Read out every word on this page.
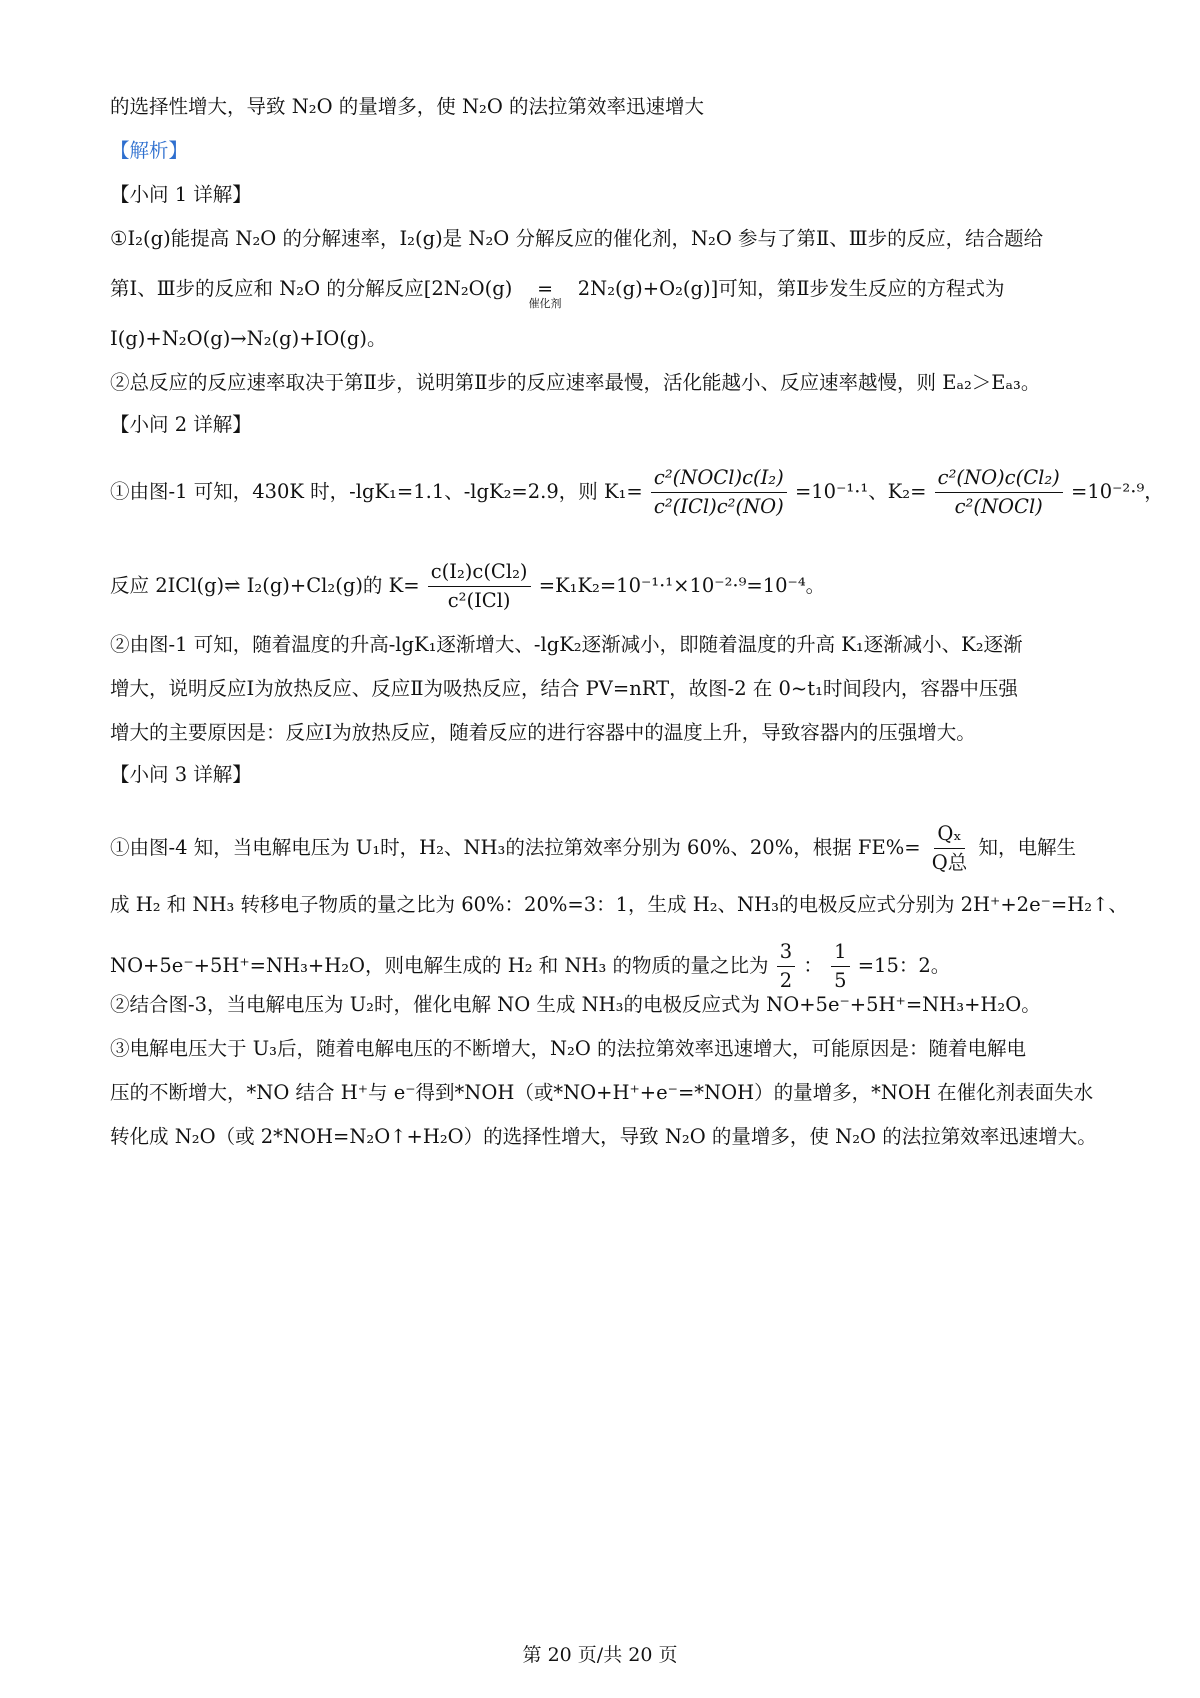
的选择性增大，导致 N₂O 的量增多，使 N₂O 的法拉第效率迅速增大
【解析】
【小问 1 详解】
①I₂(g)能提高 N₂O 的分解速率，I₂(g)是 N₂O 分解反应的催化剂，N₂O 参与了第Ⅱ、Ⅲ步的反应，结合题给
第Ⅰ、Ⅲ步的反应和 N₂O 的分解反应[2N₂O(g) =
催化剂
2N₂(g)+O₂(g)]可知，第Ⅱ步发生反应的方程式为
I(g)+N₂O(g)→N₂(g)+IO(g)。
②总反应的反应速率取决于第Ⅱ步，说明第Ⅱ步的反应速率最慢，活化能越小、反应速率越慢，则 Eₐ₂＞Eₐ₃。
【小问 2 详解】
①由图-1 可知，430K 时，-lgK₁=1.1、-lgK₂=2.9，则 $K_1= \frac{\text{c²(NOCl)c(I₂)}}{\text{c²(ICl)c²(NO)}} =10^{-1}\cdot^1$、$K_2= \frac{\text{c²(NO)c(Cl₂)}}{\text{c²(NOCl)}} =10^{-2}\cdot^9$，
反应 2ICl(g)⇌ I₂(g)+Cl₂(g)的 $K= \frac{\text{c(I₂)c(Cl₂)}}{\text{c²(ICl)}} =K_1K_2=10^{-1}\cdot^1\times 10^{-2}\cdot^9=10^{-4}$。
②由图-1 可知，随着温度的升高-lgK₁逐渐增大、-lgK₂逐渐减小，即随着温度的升高 K₁逐渐减小、K₂逐渐
增大，说明反应Ⅰ为放热反应、反应Ⅱ为吸热反应，结合 PV=nRT，故图-2 在 0~t₁时间段内，容器中压强
增大的主要原因是：反应Ⅰ为放热反应，随着反应的进行容器中的温度上升，导致容器内的压强增大。
【小问 3 详解】
①由图-4 知，当电解电压为 U₁时，H₂、NH₃的法拉第效率分别为 60%、20%，根据 $FE\%= \frac{\text{Qₓ}}{\text{Q总}}$ 知，电解生
成 H₂ 和 NH₃ 转移电子物质的量之比为 60%：20%=3：1，生成 H₂、NH₃的电极反应式分别为 2H⁺+2e⁻=H₂↑、
NO+5e⁻+5H⁺=NH₃+H₂O，则电解生成的 H₂ 和 NH₃ 的物质的量之比为 $\frac{3}{2}$ ： $\frac{1}{5} =15$：2。
②结合图-3，当电解电压为 U₂时，催化电解 NO 生成 NH₃的电极反应式为 NO+5e⁻+5H⁺=NH₃+H₂O。
③电解电压大于 U₃后，随着电解电压的不断增大，N₂O 的法拉第效率迅速增大，可能原因是：随着电解电
压的不断增大，*NO 结合 H⁺与 e⁻得到*NOH（或*NO+H⁺+e⁻=*NOH）的量增多，*NOH 在催化剂表面失水
转化成 N₂O（或 2*NOH=N₂O↑+H₂O）的选择性增大，导致 N₂O 的量增多，使 N₂O 的法拉第效率迅速增大。
第 20 页/共 20 页
